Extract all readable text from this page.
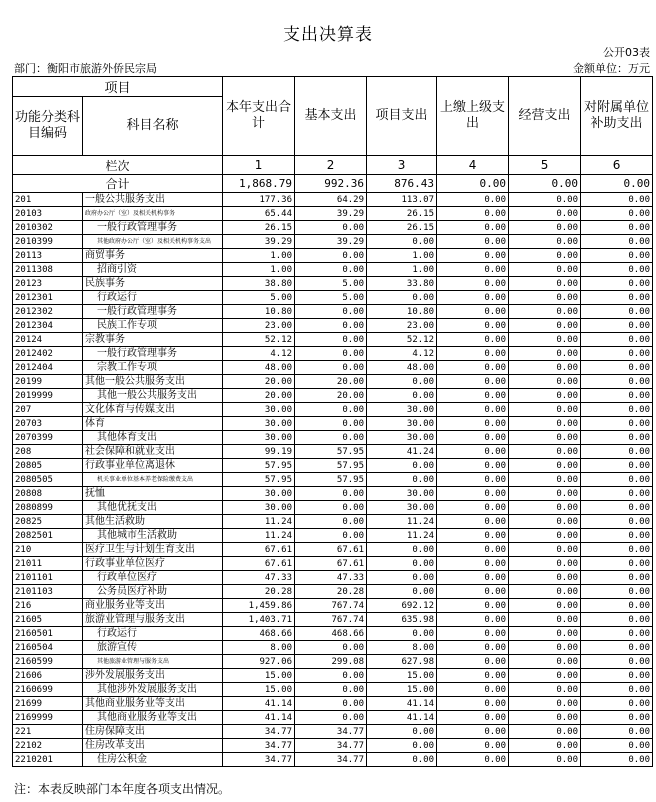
支出决算表
公开03表
部门：衡阳市旅游外侨民宗局	金额单位：万元
项目		本年支出合计	基本支出	项目支出	上缴上级支出	经营支出	对附属单位补助支出
功能分类科目编码	科目名称						
栏次		1	2	3	4	5	6
合计		1,868.79	992.36	876.43	0.00	0.00	0.00
201	一般公共服务支出	177.36	64.29	113.07	0.00	0.00	0.00
20103	政府办公厅（室）及相关机构事务	65.44	39.29	26.15	0.00	0.00	0.00
2010302	一般行政管理事务	26.15	0.00	26.15	0.00	0.00	0.00
2010399	其他政府办公厅（室）及相关机构事务支出	39.29	39.29	0.00	0.00	0.00	0.00
20113	商贸事务	1.00	0.00	1.00	0.00	0.00	0.00
2011308	招商引资	1.00	0.00	1.00	0.00	0.00	0.00
20123	民族事务	38.80	5.00	33.80	0.00	0.00	0.00
2012301	行政运行	5.00	5.00	0.00	0.00	0.00	0.00
2012302	一般行政管理事务	10.80	0.00	10.80	0.00	0.00	0.00
2012304	民族工作专项	23.00	0.00	23.00	0.00	0.00	0.00
20124	宗教事务	52.12	0.00	52.12	0.00	0.00	0.00
2012402	一般行政管理事务	4.12	0.00	4.12	0.00	0.00	0.00
2012404	宗教工作专项	48.00	0.00	48.00	0.00	0.00	0.00
20199	其他一般公共服务支出	20.00	20.00	0.00	0.00	0.00	0.00
2019999	其他一般公共服务支出	20.00	20.00	0.00	0.00	0.00	0.00
207	文化体育与传媒支出	30.00	0.00	30.00	0.00	0.00	0.00
20703	体育	30.00	0.00	30.00	0.00	0.00	0.00
2070399	其他体育支出	30.00	0.00	30.00	0.00	0.00	0.00
208	社会保障和就业支出	99.19	57.95	41.24	0.00	0.00	0.00
20805	行政事业单位离退休	57.95	57.95	0.00	0.00	0.00	0.00
2080505	机关事业单位基本养老保险缴费支出	57.95	57.95	0.00	0.00	0.00	0.00
20808	抚恤	30.00	0.00	30.00	0.00	0.00	0.00
2080899	其他优抚支出	30.00	0.00	30.00	0.00	0.00	0.00
20825	其他生活救助	11.24	0.00	11.24	0.00	0.00	0.00
2082501	其他城市生活救助	11.24	0.00	11.24	0.00	0.00	0.00
210	医疗卫生与计划生育支出	67.61	67.61	0.00	0.00	0.00	0.00
21011	行政事业单位医疗	67.61	67.61	0.00	0.00	0.00	0.00
2101101	行政单位医疗	47.33	47.33	0.00	0.00	0.00	0.00
2101103	公务员医疗补助	20.28	20.28	0.00	0.00	0.00	0.00
216	商业服务业等支出	1,459.86	767.74	692.12	0.00	0.00	0.00
21605	旅游业管理与服务支出	1,403.71	767.74	635.98	0.00	0.00	0.00
2160501	行政运行	468.66	468.66	0.00	0.00	0.00	0.00
2160504	旅游宣传	8.00	0.00	8.00	0.00	0.00	0.00
2160599	其他旅游业管理与服务支出	927.06	299.08	627.98	0.00	0.00	0.00
21606	涉外发展服务支出	15.00	0.00	15.00	0.00	0.00	0.00
2160699	其他涉外发展服务支出	15.00	0.00	15.00	0.00	0.00	0.00
21699	其他商业服务业等支出	41.14	0.00	41.14	0.00	0.00	0.00
2169999	其他商业服务业等支出	41.14	0.00	41.14	0.00	0.00	0.00
221	住房保障支出	34.77	34.77	0.00	0.00	0.00	0.00
22102	住房改革支出	34.77	34.77	0.00	0.00	0.00	0.00
2210201	住房公积金	34.77	34.77	0.00	0.00	0.00	0.00
注：本表反映部门本年度各项支出情况。
